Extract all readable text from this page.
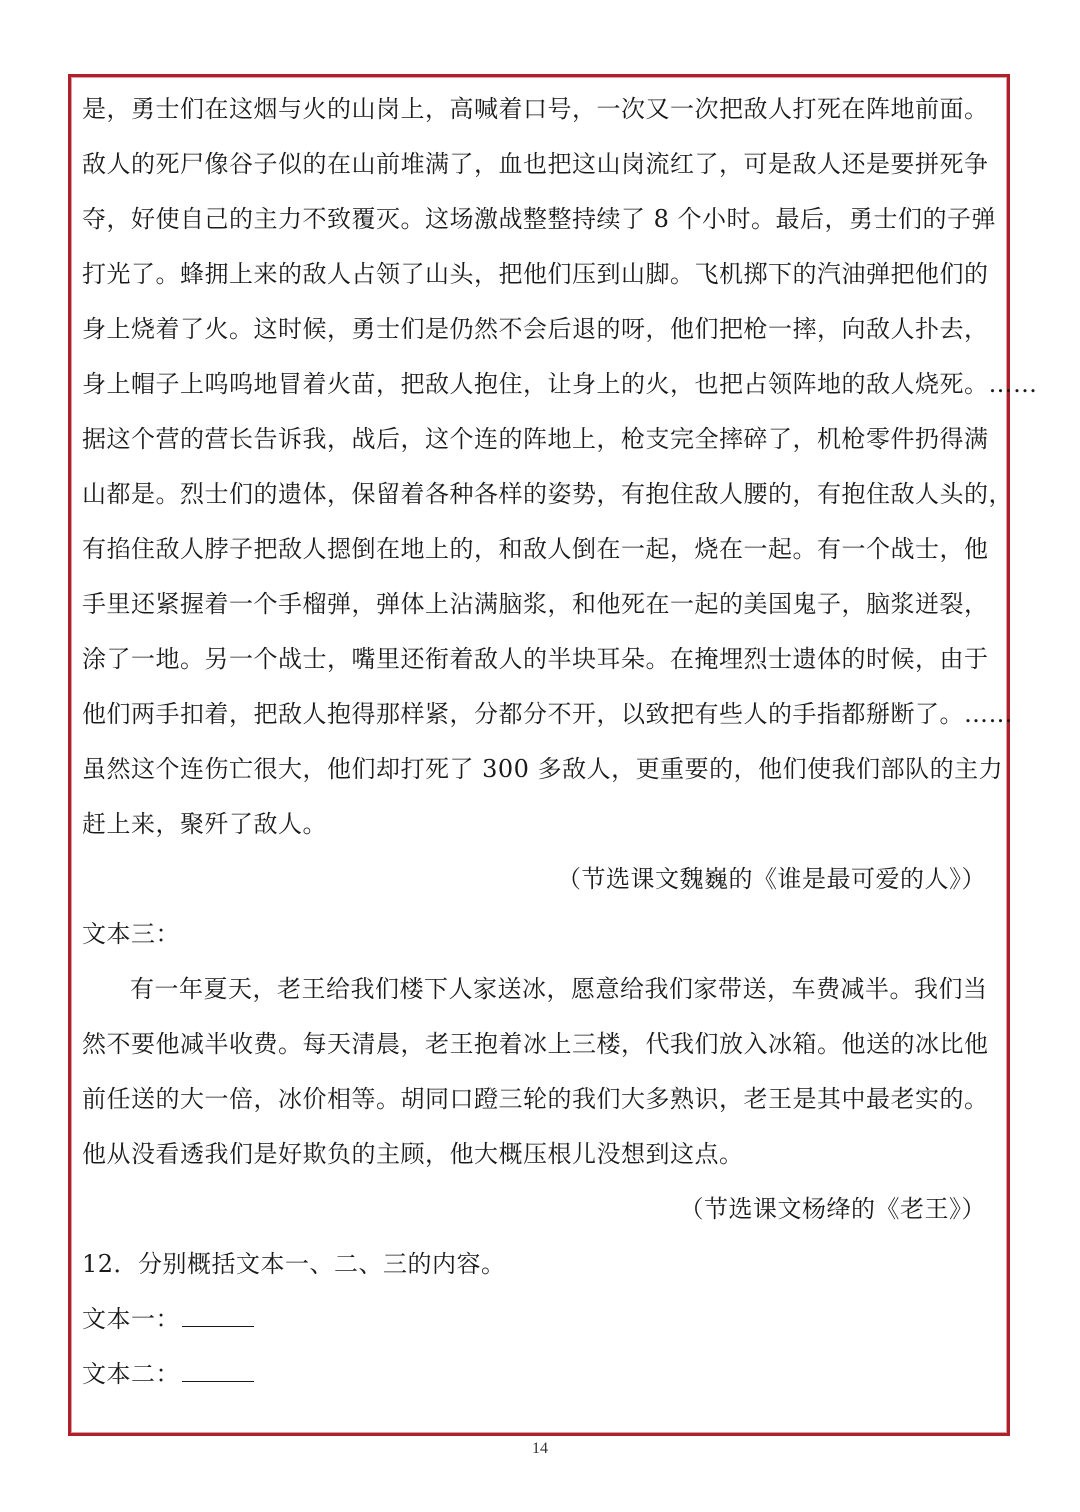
是，勇士们在这烟与火的山岗上，高喊着口号，一次又一次把敌人打死在阵地前面。
敌人的死尸像谷子似的在山前堆满了，血也把这山岗流红了，可是敌人还是要拼死争
夺，好使自己的主力不致覆灭。这场激战整整持续了 8 个小时。最后，勇士们的子弹
打光了。蜂拥上来的敌人占领了山头，把他们压到山脚。飞机掷下的汽油弹把他们的
身上烧着了火。这时候，勇士们是仍然不会后退的呀，他们把枪一摔，向敌人扑去，
身上帽子上呜呜地冒着火苗，把敌人抱住，让身上的火，也把占领阵地的敌人烧死。……
据这个营的营长告诉我，战后，这个连的阵地上，枪支完全摔碎了，机枪零件扔得满
山都是。烈士们的遗体，保留着各种各样的姿势，有抱住敌人腰的，有抱住敌人头的，
有掐住敌人脖子把敌人摁倒在地上的，和敌人倒在一起，烧在一起。有一个战士，他
手里还紧握着一个手榴弹，弹体上沾满脑浆，和他死在一起的美国鬼子，脑浆迸裂，
涂了一地。另一个战士，嘴里还衔着敌人的半块耳朵。在掩埋烈士遗体的时候，由于
他们两手扣着，把敌人抱得那样紧，分都分不开，以致把有些人的手指都掰断了。……
虽然这个连伤亡很大，他们却打死了 300 多敌人，更重要的，他们使我们部队的主力
赶上来，聚歼了敌人。
（节选课文魏巍的《谁是最可爱的人》）
文本三：
有一年夏天，老王给我们楼下人家送冰，愿意给我们家带送，车费减半。我们当
然不要他减半收费。每天清晨，老王抱着冰上三楼，代我们放入冰箱。他送的冰比他
前任送的大一倍，冰价相等。胡同口蹬三轮的我们大多熟识，老王是其中最老实的。
他从没看透我们是好欺负的主顾，他大概压根儿没想到这点。
（节选课文杨绛的《老王》）
12．分别概括文本一、二、三的内容。
文本一：
文本二：
14
